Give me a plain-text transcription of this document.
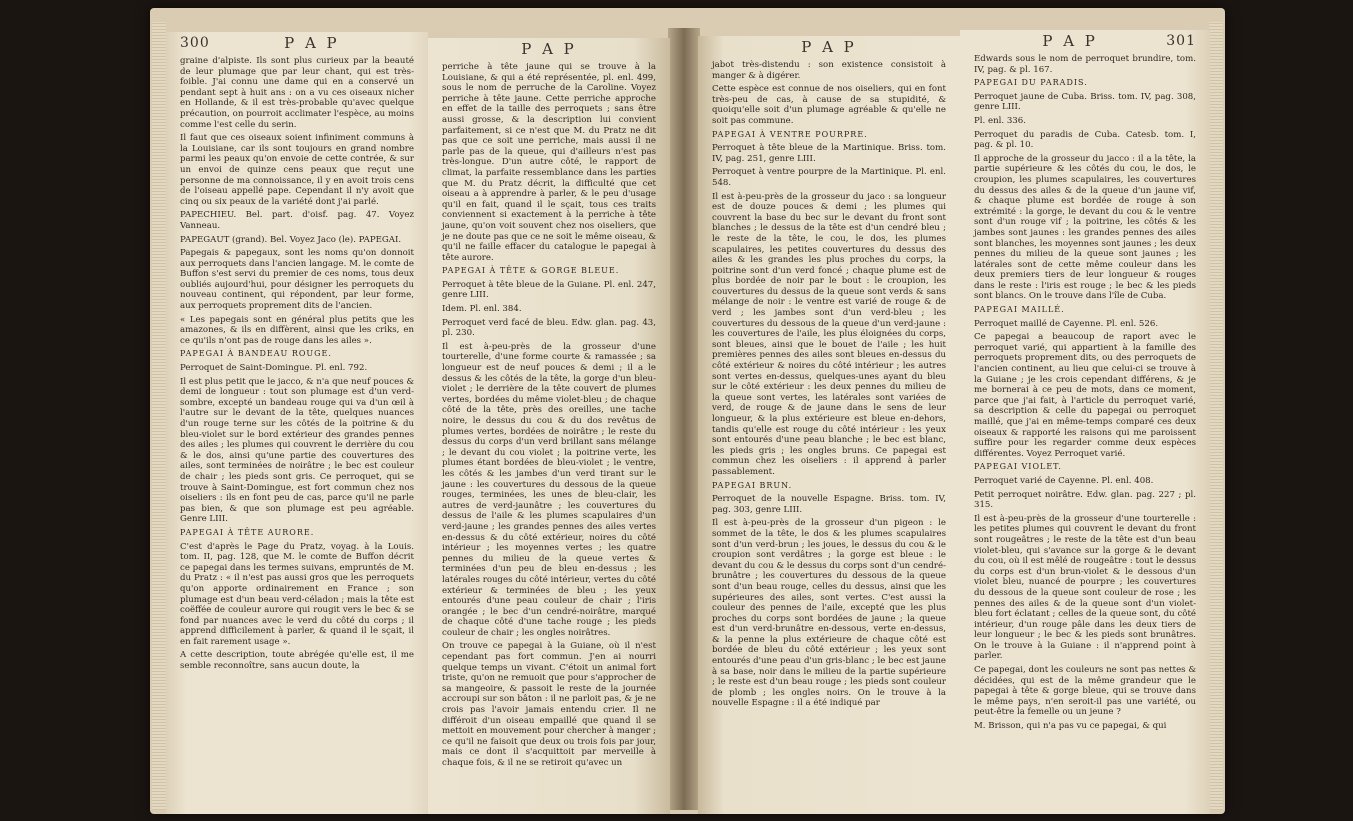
300	P A P

graine d'alpiste. Ils sont plus curieux par la beauté de leur plumage que par leur chant, qui est très-foible. J'ai connu une dame qui en a conservé un pendant sept à huit ans : on a vu ces oiseaux nicher en Hollande, & il est très-probable qu'avec quelque précaution, on pourroit acclimater l'espèce, au moins comme l'est celle du serin.

Il faut que ces oiseaux soient infiniment communs à la Louisiane, car ils sont toujours en grand nombre parmi les peaux qu'on envoie de cette contrée, & sur un envoi de quinze cens peaux que reçut une personne de ma connoissance, il y en avoit trois cens de l'oiseau appellé pape. Cependant il n'y avoit que cinq ou six peaux de la variété dont j'ai parlé.

PAPECHIEU. Bel. part. d'oisf. pag. 47. Voyez Vanneau.

PAPEGAUT (grand). Bel. Voyez Jaco (le). PAPEGAI.

Papegais & papegaux, sont les noms qu'on donnoit aux perroquets dans l'ancien langage. M. le comte de Buffon s'est servi du premier de ces noms, tous deux oubliés aujourd'hui, pour désigner les perroquets du nouveau continent, qui répondent, par leur forme, aux perroquets proprement dits de l'ancien.

« Les papegais sont en général plus petits que les amazones, & ils en diffèrent, ainsi que les criks, en ce qu'ils n'ont pas de rouge dans les ailes ».

PAPEGAI À BANDEAU ROUGE.

Perroquet de Saint-Domingue. Pl. enl. 792.

Il est plus petit que le jacco, & n'a que neuf pouces & demi de longueur : tout son plumage est d'un verd-sombre, excepté un bandeau rouge qui va d'un œil à l'autre sur le devant de la tête, quelques nuances d'un rouge terne sur les côtés de la poitrine & du bleu-violet sur le bord extérieur des grandes pennes des ailes ; les plumes qui couvrent le derrière du cou & le dos, ainsi qu'une partie des couvertures des ailes, sont terminées de noirâtre ; le bec est couleur de chair ; les pieds sont gris. Ce perroquet, qui se trouve à Saint-Domingue, est fort commun chez nos oiseliers : ils en font peu de cas, parce qu'il ne parle pas bien, & que son plumage est peu agréable. Genre LIII.

PAPEGAI À TÊTE AURORE.

C'est d'après le Page du Pratz, voyag. à la Louis. tom. II, pag. 128, que M. le comte de Buffon décrit ce papegai dans les termes suivans, empruntés de M. du Pratz : « il n'est pas aussi gros que les perroquets qu'on apporte ordinairement en France ; son plumage est d'un beau verd-céladon ; mais la tête est coëffée de couleur aurore qui rougit vers le bec & se fond par nuances avec le verd du côté du corps ; il apprend difficilement à parler, & quand il le sçait, il en fait rarement usage ».

A cette description, toute abrégée qu'elle est, il me semble reconnoître, sans aucun doute, la

P A P

perriche à tête jaune qui se trouve à la Louisiane, & qui a été représentée, pl. enl. 499, sous le nom de perruche de la Caroline. Voyez perriche à tête jaune. Cette perriche approche en effet de la taille des perroquets ; sans être aussi grosse, & la description lui convient parfaitement, si ce n'est que M. du Pratz ne dit pas que ce soit une perriche, mais aussi il ne parle pas de la queue, qui d'ailleurs n'est pas très-longue. D'un autre côté, le rapport de climat, la parfaite ressemblance dans les parties que M. du Pratz décrit, la difficulté que cet oiseau a à apprendre à parler, & le peu d'usage qu'il en fait, quand il le sçait, tous ces traits conviennent si exactement à la perriche à tête jaune, qu'on voit souvent chez nos oiseliers, que je ne doute pas que ce ne soit le même oiseau, & qu'il ne faille effacer du catalogue le papegai à tête aurore.

PAPEGAI À TÊTE & GORGE BLEUE.

Perroquet à tête bleue de la Guiane. Pl. enl. 247, genre LIII.

Idem. Pl. enl. 384.

Perroquet verd facé de bleu. Edw. glan. pag. 43, pl. 230.

Il est à-peu-près de la grosseur d'une tourterelle, d'une forme courte & ramassée ; sa longueur est de neuf pouces & demi ; il a le dessus & les côtés de la tête, la gorge d'un bleu-violet ; le derrière de la tête couvert de plumes vertes, bordées du même violet-bleu ; de chaque côté de la tête, près des oreilles, une tache noire, le dessus du cou & du dos revêtus de plumes vertes, bordées de noirâtre ; le reste du dessus du corps d'un verd brillant sans mélange ; le devant du cou violet ; la poitrine verte, les plumes étant bordées de bleu-violet ; le ventre, les côtés & les jambes d'un verd tirant sur le jaune : les couvertures du dessous de la queue rouges, terminées, les unes de bleu-clair, les autres de verd-jaunâtre ; les couvertures du dessus de l'aile & les plumes scapulaires d'un verd-jaune ; les grandes pennes des ailes vertes en-dessus & du côté extérieur, noires du côté intérieur ; les moyennes vertes ; les quatre pennes du milieu de la queue vertes & terminées d'un peu de bleu en-dessus ; les latérales rouges du côté intérieur, vertes du côté extérieur & terminées de bleu ; les yeux entourés d'une peau couleur de chair ; l'iris orangée ; le bec d'un cendré-noirâtre, marqué de chaque côté d'une tache rouge ; les pieds couleur de chair ; les ongles noirâtres.

On trouve ce papegai à la Guiane, où il n'est cependant pas fort commun. J'en ai nourri quelque temps un vivant. C'étoit un animal fort triste, qu'on ne remuoit que pour s'approcher de sa mangeoire, & passoit le reste de la journée accroupi sur son bâton : il ne parloit pas, & je ne crois pas l'avoir jamais entendu crier. Il ne différoit d'un oiseau empaillé que quand il se mettoit en mouvement pour chercher à manger ; ce qu'il ne faisoit que deux ou trois fois par jour, mais ce dont il s'acquittoit par merveille à chaque fois, & il ne se retiroit qu'avec un

P A P

jabot très-distendu : son existence consistoit à manger & à digérer.

Cette espèce est connue de nos oiseliers, qui en font très-peu de cas, à cause de sa stupidité, & quoiqu'elle soit d'un plumage agréable & qu'elle ne soit pas commune.

PAPEGAI À VENTRE POURPRE.

Perroquet à tête bleue de la Martinique. Briss. tom. IV, pag. 251, genre LIII.

Perroquet à ventre pourpre de la Martinique. Pl. enl. 548.

Il est à-peu-près de la grosseur du jaco : sa longueur est de douze pouces & demi ; les plumes qui couvrent la base du bec sur le devant du front sont blanches ; le dessus de la tête est d'un cendré bleu ; le reste de la tête, le cou, le dos, les plumes scapulaires, les petites couvertures du dessus des ailes & les grandes les plus proches du corps, la poitrine sont d'un verd foncé ; chaque plume est de plus bordée de noir par le bout : le croupion, les couvertures du dessus de la queue sont verds & sans mélange de noir : le ventre est varié de rouge & de verd ; les jambes sont d'un verd-bleu ; les couvertures du dessous de la queue d'un verd-jaune : les couvertures de l'aile, les plus éloignées du corps, sont bleues, ainsi que le bouet de l'aile ; les huit premières pennes des ailes sont bleues en-dessus du côté extérieur & noires du côté intérieur ; les autres sont vertes en-dessus, quelques-unes ayant du bleu sur le côté extérieur : les deux pennes du milieu de la queue sont vertes, les latérales sont variées de verd, de rouge & de jaune dans le sens de leur longueur, & la plus extérieure est bleue en-dehors, tandis qu'elle est rouge du côté intérieur : les yeux sont entourés d'une peau blanche ; le bec est blanc, les pieds gris ; les ongles bruns. Ce papegai est commun chez les oiseliers : il apprend à parler passablement.

PAPEGAI BRUN.

Perroquet de la nouvelle Espagne. Briss. tom. IV, pag. 303, genre LIII.

Il est à-peu-près de la grosseur d'un pigeon : le sommet de la tête, le dos & les plumes scapulaires sont d'un verd-brun ; les joues, le dessus du cou & le croupion sont verdâtres ; la gorge est bleue : le devant du cou & le dessus du corps sont d'un cendré-brunâtre ; les couvertures du dessous de la queue sont d'un beau rouge, celles du dessus, ainsi que les supérieures des ailes, sont vertes. C'est aussi la couleur des pennes de l'aile, excepté que les plus proches du corps sont bordées de jaune ; la queue est d'un verd-brunâtre en-dessous, verte en-dessus, & la penne la plus extérieure de chaque côté est bordée de bleu du côté extérieur ; les yeux sont entourés d'une peau d'un gris-blanc ; le bec est jaune à sa base, noir dans le milieu de la partie supérieure ; le reste est d'un beau rouge ; les pieds sont couleur de plomb ; les ongles noirs. On le trouve à la nouvelle Espagne : il a été indiqué par

P A P	301

Edwards sous le nom de perroquet brundire, tom. IV, pag. & pl. 167.

PAPEGAI DU PARADIS.

Perroquet jaune de Cuba. Briss. tom. IV, pag. 308, genre LIII.

Pl. enl. 336.

Perroquet du paradis de Cuba. Catesb. tom. I, pag. & pl. 10.

Il approche de la grosseur du jacco : il a la tête, la partie supérieure & les côtés du cou, le dos, le croupion, les plumes scapulaires, les couvertures du dessus des ailes & de la queue d'un jaune vif, & chaque plume est bordée de rouge à son extrémité : la gorge, le devant du cou & le ventre sont d'un rouge vif ; la poitrine, les côtés & les jambes sont jaunes : les grandes pennes des ailes sont blanches, les moyennes sont jaunes ; les deux pennes du milieu de la queue sont jaunes ; les latérales sont de cette même couleur dans les deux premiers tiers de leur longueur & rouges dans le reste : l'iris est rouge ; le bec & les pieds sont blancs. On le trouve dans l'île de Cuba.

PAPEGAI MAILLÉ.

Perroquet maillé de Cayenne. Pl. enl. 526.

Ce papegai a beaucoup de raport avec le perroquet varié, qui appartient à la famille des perroquets proprement dits, ou des perroquets de l'ancien continent, au lieu que celui-ci se trouve à la Guiane ; je les crois cependant différens, & je me bornerai à ce peu de mots, dans ce moment, parce que j'ai fait, à l'article du perroquet varié, sa description & celle du papegai ou perroquet maillé, que j'ai en même-temps comparé ces deux oiseaux & rapporté les raisons qui me paroissent suffire pour les regarder comme deux espèces différentes. Voyez Perroquet varié.

PAPEGAI VIOLET.

Perroquet varié de Cayenne. Pl. enl. 408.

Petit perroquet noirâtre. Edw. glan. pag. 227 ; pl. 315.

Il est à-peu-près de la grosseur d'une tourterelle : les petites plumes qui couvrent le devant du front sont rougeâtres ; le reste de la tête est d'un beau violet-bleu, qui s'avance sur la gorge & le devant du cou, où il est mêlé de rougeâtre : tout le dessus du corps est d'un brun-violet & le dessous d'un violet bleu, nuancé de pourpre ; les couvertures du dessous de la queue sont couleur de rose ; les pennes des ailes & de la queue sont d'un violet-bleu fort éclatant ; celles de la queue sont, du côté intérieur, d'un rouge pâle dans les deux tiers de leur longueur ; le bec & les pieds sont brunâtres. On le trouve à la Guiane : il n'apprend point à parler.

Ce papegai, dont les couleurs ne sont pas nettes & décidées, qui est de la même grandeur que le papegai à tête & gorge bleue, qui se trouve dans le même pays, n'en seroit-il pas une variété, ou peut-être la femelle ou un jeune ?

M. Brisson, qui n'a pas vu ce papegai, & qui
